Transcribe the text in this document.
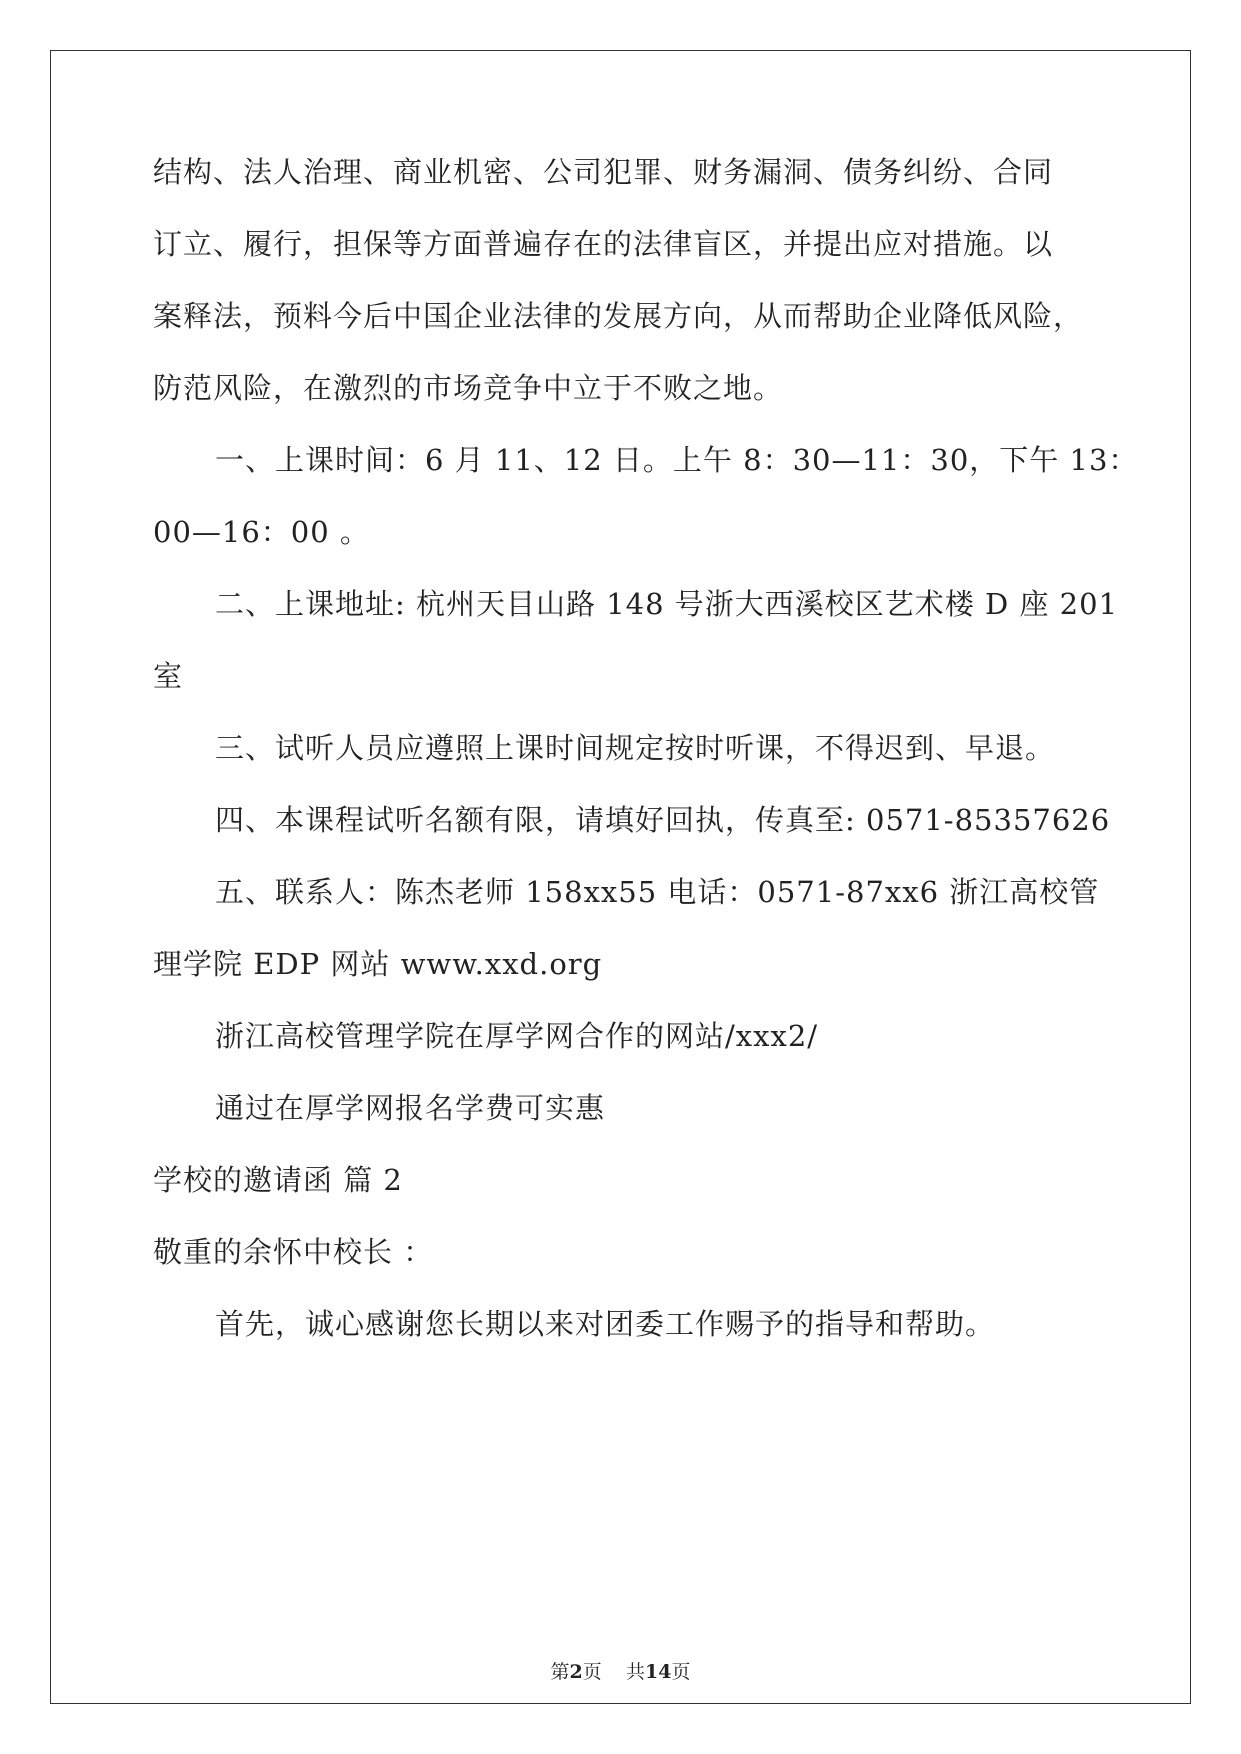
结构、法人治理、商业机密、公司犯罪、财务漏洞、债务纠纷、合同
订立、履行，担保等方面普遍存在的法律盲区，并提出应对措施。以
案释法，预料今后中国企业法律的发展方向，从而帮助企业降低风险，
防范风险，在激烈的市场竞争中立于不败之地。
一、上课时间：6 月 11、12 日。上午 8：30—11：30，下午 13：
00—16：00 。
二、上课地址: 杭州天目山路 148 号浙大西溪校区艺术楼 D 座 201
室
三、试听人员应遵照上课时间规定按时听课，不得迟到、早退。
四、本课程试听名额有限，请填好回执，传真至: 0571-85357626
五、联系人：陈杰老师 158xx55 电话：0571-87xx6 浙江高校管
理学院 EDP 网站 www.xxd.org
浙江高校管理学院在厚学网合作的网站/xxx2/
通过在厚学网报名学费可实惠
学校的邀请函 篇 2
敬重的余怀中校长 ：
首先，诚心感谢您长期以来对团委工作赐予的指导和帮助。
第2页 共14页
